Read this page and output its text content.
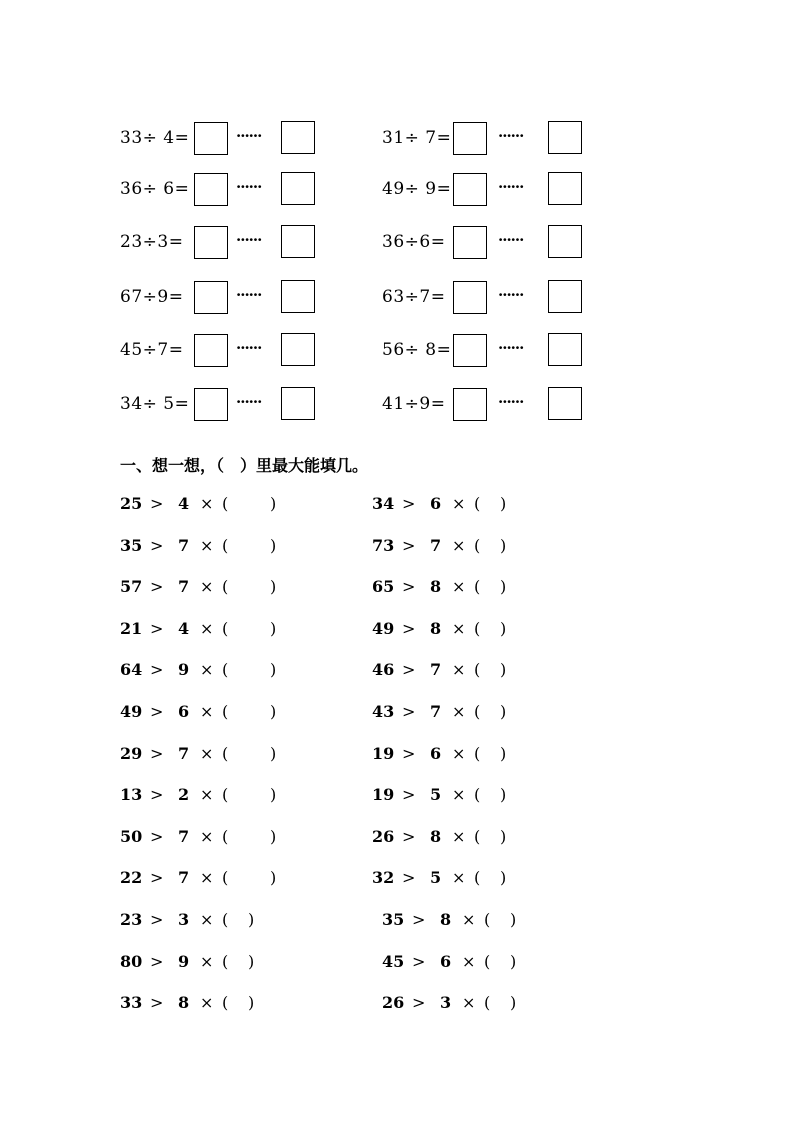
33÷ 4=	······	31÷ 7=	······
36÷ 6=	······	49÷ 9=	······
23÷3=	······	36÷6=	······
67÷9=	······	63÷7=	······
45÷7=	······	56÷ 8=	······
34÷ 5=	······	41÷9=	······
一、想一想，（　）里最大能填几。
25 > 4 × (	)	34 > 6 × ( )
35 > 7 × (	)	73 > 7 × ( )
57 > 7 × (	)	65 > 8 × ( )
21 > 4 × (	)	49 > 8 × ( )
64 > 9 × (	)	46 > 7 × ( )
49 > 6 × (	)	43 > 7 × ( )
29 > 7 × (	)	19 > 6 × ( )
13 > 2 × (	)	19 > 5 × ( )
50 > 7 × (	)	26 > 8 × ( )
22 > 7 × (	)	32 > 5 × ( )
23 > 3 × ( )	35 > 8 × ( )
80 > 9 × ( )	45 > 6 × ( )
33 > 8 × ( )	26 > 3 × ( )
